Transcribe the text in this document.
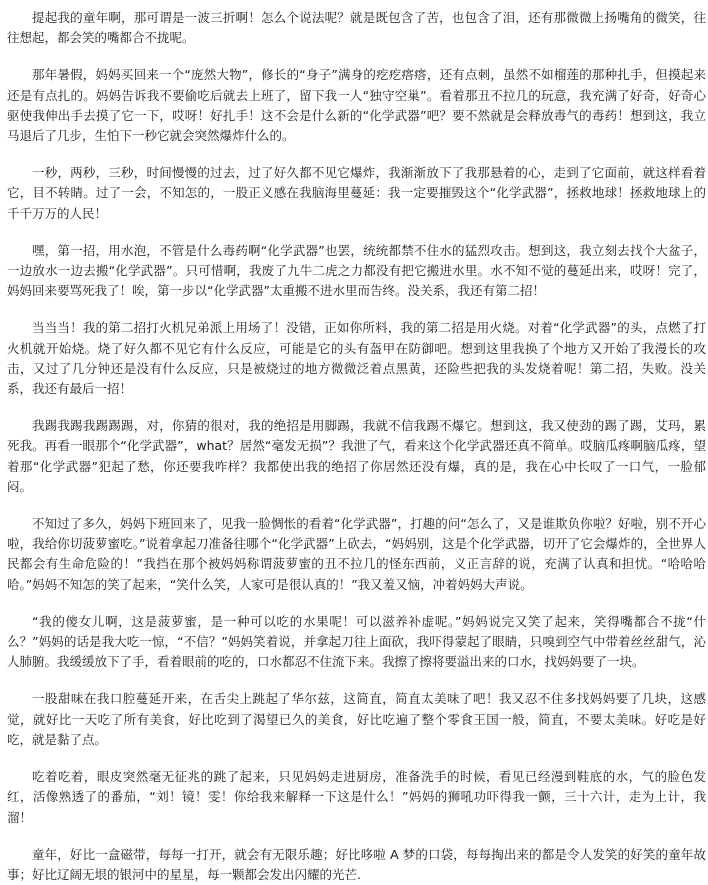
提起我的童年啊，那可谓是一波三折啊！怎么个说法呢？就是既包含了苦，也包含了泪，还有那微微上扬嘴角的微笑，往往想起，都会笑的嘴都合不拢呢。

那年暑假，妈妈买回来一个“庞然大物”，修长的“身子”满身的疙疙瘩瘩，还有点刺，虽然不如榴莲的那种扎手，但摸起来还是有点扎的。妈妈告诉我不要偷吃后就去上班了，留下我一人“独守空巢”。看着那丑不拉几的玩意，我充满了好奇，好奇心驱使我伸出手去摸了它一下，哎呀！好扎手！这不会是什么新的“化学武器”吧？要不然就是会释放毒气的毒药！想到这，我立马退后了几步，生怕下一秒它就会突然爆炸什么的。

一秒，两秒，三秒，时间慢慢的过去，过了好久都不见它爆炸，我渐渐放下了我那悬着的心，走到了它面前，就这样看着它，目不转睛。过了一会，不知怎的，一股正义感在我脑海里蔓延：我一定要摧毁这个“化学武器”，拯救地球！拯救地球上的千千万万的人民！

嘿，第一招，用水泡，不管是什么毒药啊“化学武器”也罢，统统都禁不住水的猛烈攻击。想到这，我立刻去找个大盆子，一边放水一边去搬“化学武器”。只可惜啊，我废了九牛二虎之力都没有把它搬进水里。水不知不觉的蔓延出来，哎呀！完了，妈妈回来要骂死我了！唉，第一步以“化学武器”太重搬不进水里而告终。没关系，我还有第二招！

当当当！我的第二招打火机兄弟派上用场了！没错，正如你所料，我的第二招是用火烧。对着“化学武器”的头，点燃了打火机就开始烧。烧了好久都不见它有什么反应，可能是它的头有盔甲在防御吧。想到这里我换了个地方又开始了我漫长的攻击，又过了几分钟还是没有什么反应，只是被烧过的地方微微泛着点黑黄，还险些把我的头发烧着呢！第二招，失败。没关系，我还有最后一招！

我踢我踢我踢踢踢，对，你猜的很对，我的绝招是用脚踢，我就不信我踢不爆它。想到这，我又使劲的踢了踢，艾玛，累死我。再看一眼那个“化学武器”，what？居然“毫发无损”？我泄了气，看来这个化学武器还真不简单。哎脑瓜疼啊脑瓜疼，望着那“化学武器”犯起了愁，你还要我咋样？我都使出我的绝招了你居然还没有爆，真的是，我在心中长叹了一口气，一脸郁闷。

不知过了多久，妈妈下班回来了，见我一脸惆怅的看着“化学武器”，打趣的问“怎么了，又是谁欺负你啦？好啦，别不开心啦，我给你切菠萝蜜吃。”说着拿起刀准备往哪个“化学武器”上砍去，“妈妈别，这是个化学武器，切开了它会爆炸的，全世界人民都会有生命危险的！”我挡在那个被妈妈称谓菠萝蜜的丑不拉几的怪东西前，义正言辞的说，充满了认真和担忧。“哈哈哈哈。”妈妈不知怎的笑了起来，“笑什么笑，人家可是很认真的！”我又羞又恼，冲着妈妈大声说。

“我的傻女儿啊，这是菠萝蜜，是一种可以吃的水果呢！可以滋养补虚呢。”妈妈说完又笑了起来，笑得嘴都合不拢“什么？”妈妈的话是我大吃一惊，“不信？”妈妈笑着说，并拿起刀往上面砍，我吓得蒙起了眼睛，只嗅到空气中带着丝丝甜气，沁人肺腑。我缓缓放下了手，看着眼前的吃的，口水都忍不住流下来。我擦了擦将要溢出来的口水，找妈妈要了一块。

一股甜味在我口腔蔓延开来，在舌尖上跳起了华尔兹，这简直，简直太美味了吧！我又忍不住多找妈妈要了几块，这感觉，就好比一天吃了所有美食，好比吃到了渴望已久的美食，好比吃遍了整个零食王国一般，简直，不要太美味。好吃是好吃，就是黏了点。

吃着吃着，眼皮突然毫无征兆的跳了起来，只见妈妈走进厨房，准备洗手的时候，看见已经漫到鞋底的水，气的脸色发红，活像熟透了的番茄，“刘！镜！雯！你给我来解释一下这是什么！”妈妈的狮吼功吓得我一颤，三十六计，走为上计，我溜！

童年，好比一盒磁带，每每一打开，就会有无限乐趣；好比哆啦 A 梦的口袋，每每掏出来的都是令人发笑的好笑的童年故事；好比辽阔无垠的银河中的星星，每一颗都会发出闪耀的光芒.
